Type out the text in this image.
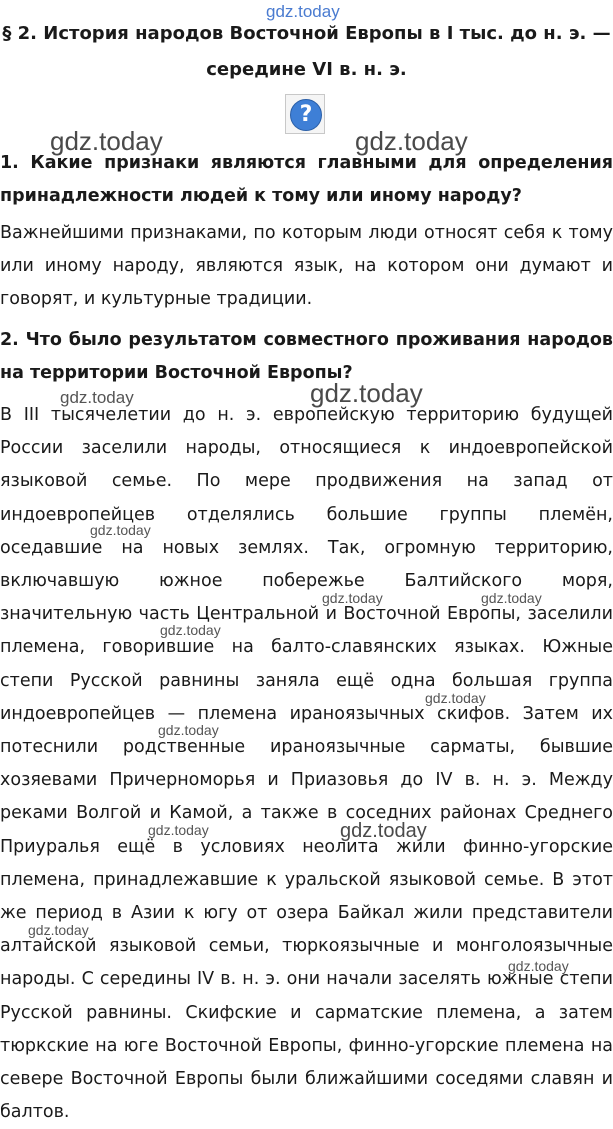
gdz.today
§ 2. История народов Восточной Европы в I тыс. до н. э. —
середине VI в. н. э.
?
gdz.today	gdz.today

1. Какие признаки являются главными для определения принадлежности людей к тому или иному народу?

Важнейшими признаками, по которым люди относят себя к тому или иному народу, являются язык, на котором они думают и говорят, и культурные традиции.

2. Что было результатом совместного проживания народов на территории Восточной Европы?

gdz.today
gdz.today

В III тысячелетии до н. э. европейскую территорию будущей России заселили народы, относящиеся к индоевропейской языковой семье. По мере продвижения на запад от индоевропейцев отделялись большие группы племён, оседавшие на новых землях. Так, огромную территорию, включавшую южное побережье Балтийского моря, значительную часть Центральной и Восточной Европы, заселили племена, говорившие на балто-славянских языках. Южные степи Русской равнины заняла ещё одна большая группа индоевропейцев — племена ираноязычных скифов. Затем их потеснили родственные ираноязычные сарматы, бывшие хозяевами Причерноморья и Приазовья до IV в. н. э. Между реками Волгой и Камой, а также в соседних районах Среднего Приуралья ещё в условиях неолита жили финно-угорские племена, принадлежавшие к уральской языковой семье. В этот же период в Азии к югу от озера Байкал жили представители алтайской языковой семьи, тюркоязычные и монголоязычные народы. С середины IV в. н. э. они начали заселять южные степи Русской равнины. Скифские и сарматские племена, а затем тюркские на юге Восточной Европы, финно-угорские племена на севере Восточной Европы были ближайшими соседями славян и балтов.

gdz.today
gdz.today	gdz.today
gdz.today
gdz.today
gdz.today
gdz.today	gdz.today
gdz.today
gdz.today
